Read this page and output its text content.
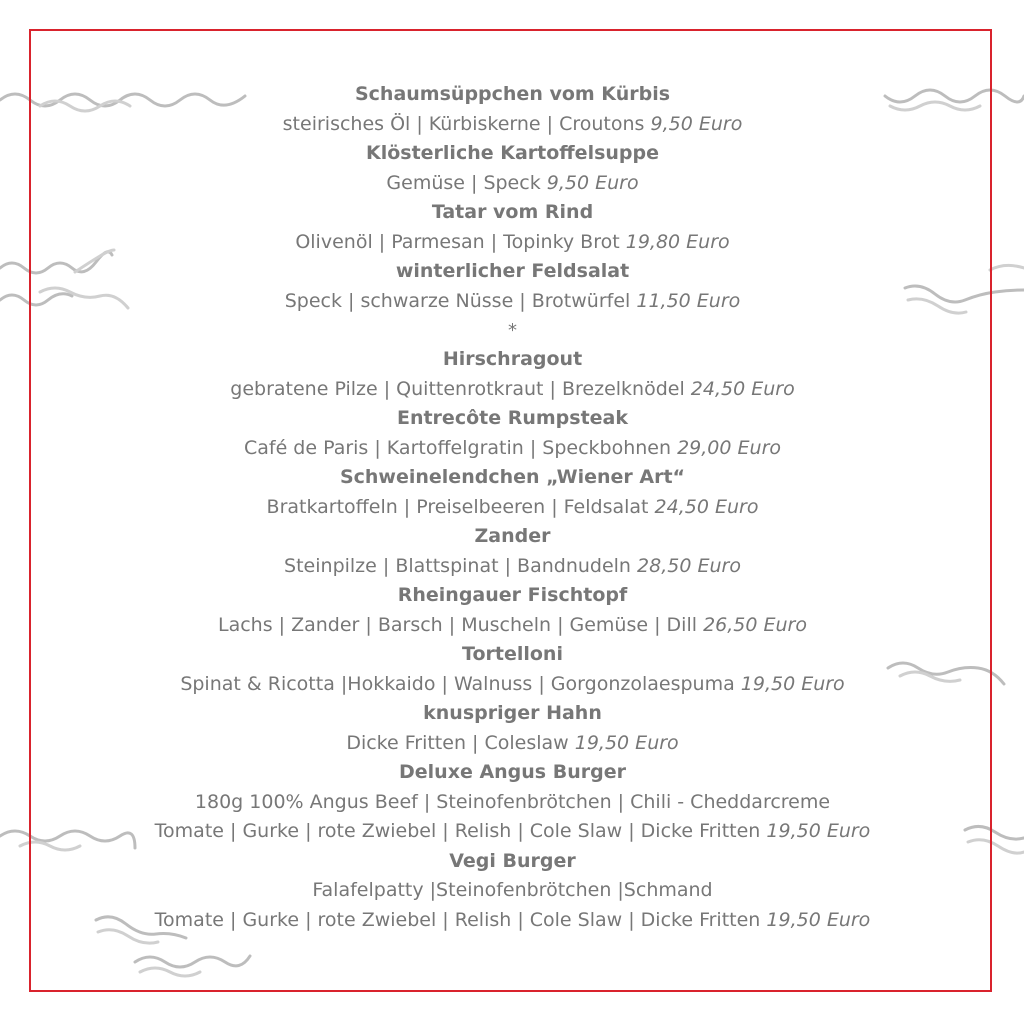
Schaumsüppchen vom Kürbis
steirisches Öl | Kürbiskerne | Croutons 9,50 Euro
Klösterliche Kartoffelsuppe
Gemüse | Speck 9,50 Euro
Tatar vom Rind
Olivenöl | Parmesan | Topinky Brot 19,80 Euro
winterlicher Feldsalat
Speck | schwarze Nüsse | Brotwürfel 11,50 Euro
*
Hirschragout
gebratene Pilze | Quittenrotkraut | Brezelknödel 24,50 Euro
Entrecôte Rumpsteak
Café de Paris | Kartoffelgratin | Speckbohnen 29,00 Euro
Schweinelendchen „Wiener Art“
Bratkartoffeln | Preiselbeeren | Feldsalat 24,50 Euro
Zander
Steinpilze | Blattspinat | Bandnudeln 28,50 Euro
Rheingauer Fischtopf
Lachs | Zander | Barsch | Muscheln | Gemüse | Dill 26,50 Euro
Tortelloni
Spinat & Ricotta |Hokkaido | Walnuss | Gorgonzolaespuma 19,50 Euro
knuspriger Hahn
Dicke Fritten | Coleslaw 19,50 Euro
Deluxe Angus Burger
180g 100% Angus Beef | Steinofenbrötchen | Chili - Cheddarcreme
Tomate | Gurke | rote Zwiebel | Relish | Cole Slaw | Dicke Fritten 19,50 Euro
Vegi Burger
Falafelpatty |Steinofenbrötchen |Schmand
Tomate | Gurke | rote Zwiebel | Relish | Cole Slaw | Dicke Fritten 19,50 Euro
